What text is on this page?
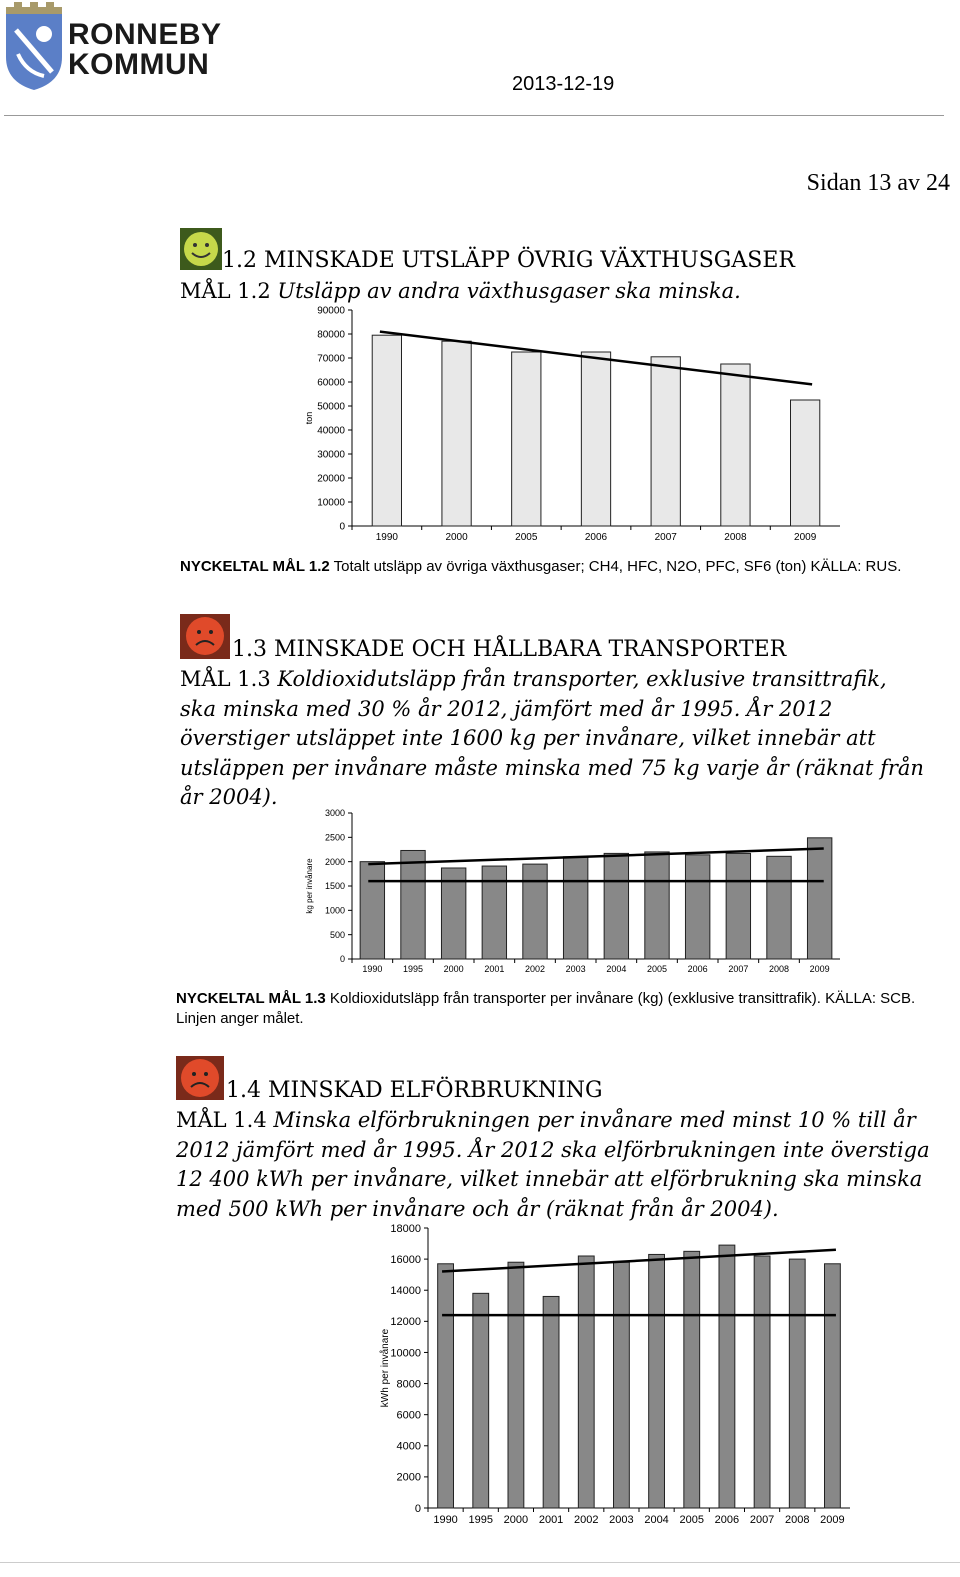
RONNEBY
KOMMUN
2013-12-19
Sidan 13 av 24
1.2 MINSKADE UTSLÄPP ÖVRIG VÄXTHUSGASER
MÅL 1.2 Utsläpp av andra växthusgaser ska minska.
0
10000
20000
30000
40000
50000
60000
70000
80000
90000
ton
1990	2000	2005	2006	2007	2008	2009
NYCKELTAL MÅL 1.2 Totalt utsläpp av övriga växthusgaser; CH4, HFC, N2O, PFC, SF6 (ton) KÄLLA: RUS.
1.3 MINSKADE OCH HÅLLBARA TRANSPORTER
MÅL 1.3 Koldioxidutsläpp från transporter, exklusive transittrafik, ska minska med 30 % år 2012, jämfört med år 1995. År 2012 överstiger utsläppet inte 1600 kg per invånare, vilket innebär att utsläppen per invånare måste minska med 75 kg varje år (räknat från år 2004).
0
500
1000
1500
2000
2500
3000
kg per invånare
1990 1995 2000 2001 2002 2003 2004 2005 2006 2007 2008 2009
NYCKELTAL MÅL 1.3 Koldioxidutsläpp från transporter per invånare (kg) (exklusive transittrafik). KÄLLA: SCB. Linjen anger målet.
1.4 MINSKAD ELFÖRBRUKNING
MÅL 1.4 Minska elförbrukningen per invånare med minst 10 % till år 2012 jämfört med år 1995. År 2012 ska elförbrukningen inte överstiga 12 400 kWh per invånare, vilket innebär att elförbrukning ska minska med 500 kWh per invånare och år (räknat från år 2004).
0
2000
4000
6000
8000
10000
12000
14000
16000
18000
kWh per invånare
1990 1995 2000 2001 2002 2003 2004 2005 2006 2007 2008 2009
